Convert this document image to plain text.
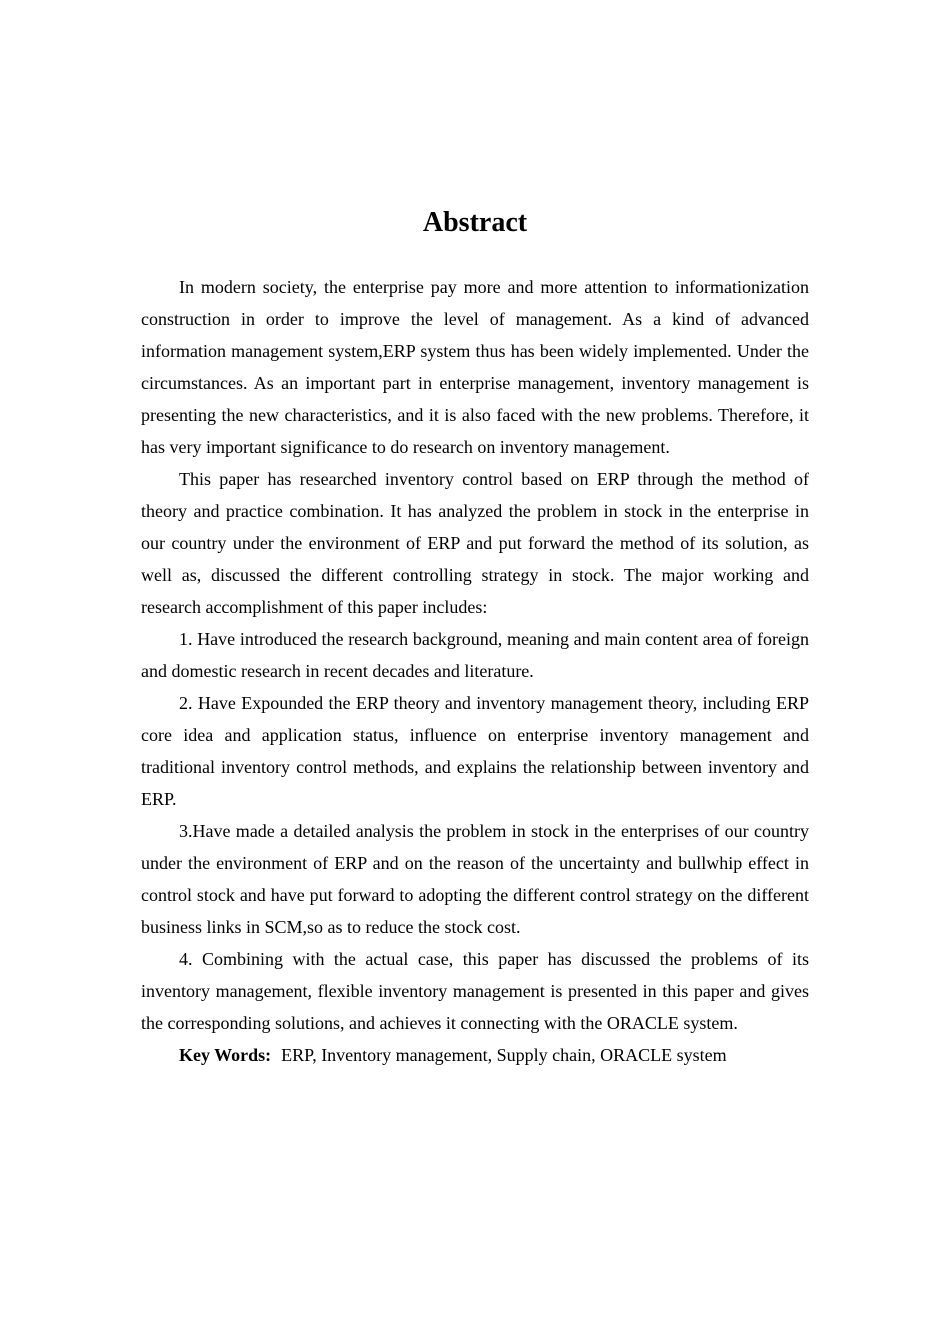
Abstract

In modern society, the enterprise pay more and more attention to informationization construction in order to improve the level of management. As a kind of advanced information management system,ERP system thus has been widely implemented. Under the circumstances. As an important part in enterprise management, inventory management is presenting the new characteristics, and it is also faced with the new problems. Therefore, it has very important significance to do research on inventory management.

This paper has researched inventory control based on ERP through the method of theory and practice combination. It has analyzed the problem in stock in the enterprise in our country under the environment of ERP and put forward the method of its solution, as well as, discussed the different controlling strategy in stock. The major working and research accomplishment of this paper includes:

1. Have introduced the research background, meaning and main content area of foreign and domestic research in recent decades and literature.

2. Have Expounded the ERP theory and inventory management theory, including ERP core idea and application status, influence on enterprise inventory management and traditional inventory control methods, and explains the relationship between inventory and ERP.

3.Have made a detailed analysis the problem in stock in the enterprises of our country under the environment of ERP and on the reason of the uncertainty and bullwhip effect in control stock and have put forward to adopting the different control strategy on the different business links in SCM,so as to reduce the stock cost.

4. Combining with the actual case, this paper has discussed the problems of its inventory management, flexible inventory management is presented in this paper and gives the corresponding solutions, and achieves it connecting with the ORACLE system.

Key Words: ERP, Inventory management, Supply chain, ORACLE system
